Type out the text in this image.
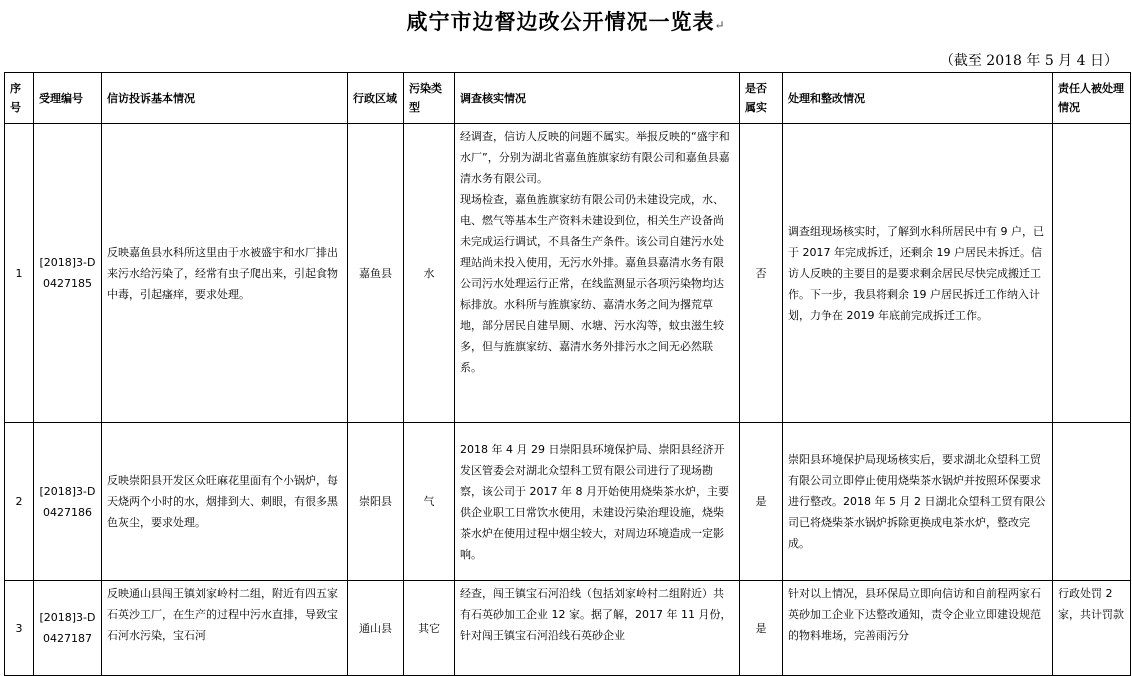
咸宁市边督边改公开情况一览表↵
（截至 2018 年 5 月 4 日）
序号	受理编号	信访投诉基本情况	行政区域	污染类型	调查核实情况	是否属实	处理和整改情况	责任人被处理情况
1	[2018]3-D0427185	反映嘉鱼县水科所这里由于水被盛宇和水厂排出来污水给污染了，经常有虫子爬出来，引起食物中毒，引起瘙痒，要求处理。	嘉鱼县	水	经调查，信访人反映的问题不属实。举报反映的“盛宇和水厂”，分别为湖北省嘉鱼旌旗家纺有限公司和嘉鱼县嘉清水务有限公司。
现场检查，嘉鱼旌旗家纺有限公司仍未建设完成，水、电、燃气等基本生产资料未建设到位，相关生产设备尚未完成运行调试，不具备生产条件。该公司自建污水处理站尚未投入使用，无污水外排。嘉鱼县嘉清水务有限公司污水处理运行正常，在线监测显示各项污染物均达标排放。水科所与旌旗家纺、嘉清水务之间为撂荒草地，部分居民自建旱厕、水塘、污水沟等，蚊虫滋生较多，但与旌旗家纺、嘉清水务外排污水之间无必然联系。	否	调查组现场核实时，了解到水科所居民中有 9 户，已于 2017 年完成拆迁，还剩余 19 户居民未拆迁。信访人反映的主要目的是要求剩余居民尽快完成搬迁工作。下一步，我县将剩余 19 户居民拆迁工作纳入计划，力争在 2019 年底前完成拆迁工作。	
2	[2018]3-D0427186	反映崇阳县开发区众旺麻花里面有个小锅炉，每天烧两个小时的水，烟排到大、刺眼，有很多黑色灰尘，要求处理。	崇阳县	气	2018 年 4 月 29 日崇阳县环境保护局、崇阳县经济开发区管委会对湖北众望科工贸有限公司进行了现场勘察，该公司于 2017 年 8 月开始使用烧柴茶水炉，主要供企业职工日常饮水使用，未建设污染治理设施，烧柴茶水炉在使用过程中烟尘较大，对周边环境造成一定影响。	是	崇阳县环境保护局现场核实后，要求湖北众望科工贸有限公司立即停止使用烧柴茶水锅炉并按照环保要求进行整改。2018 年 5 月 2 日湖北众望科工贸有限公司已将烧柴茶水锅炉拆除更换成电茶水炉，整改完成。	
3	[2018]3-D0427187	反映通山县闯王镇刘家岭村二组，附近有四五家石英沙工厂，在生产的过程中污水直排，导致宝石河水污染，宝石河	通山县	其它	经查，闯王镇宝石河沿线（包括刘家岭村二组附近）共有石英砂加工企业 12 家。据了解，2017 年 11 月份，针对闯王镇宝石河沿线石英砂企业	是	针对以上情况，县环保局立即向信访和自前程两家石英砂加工企业下达整改通知，责令企业立即建设规范的物料堆场，完善雨污分	行政处罚 2 家，共计罚款
